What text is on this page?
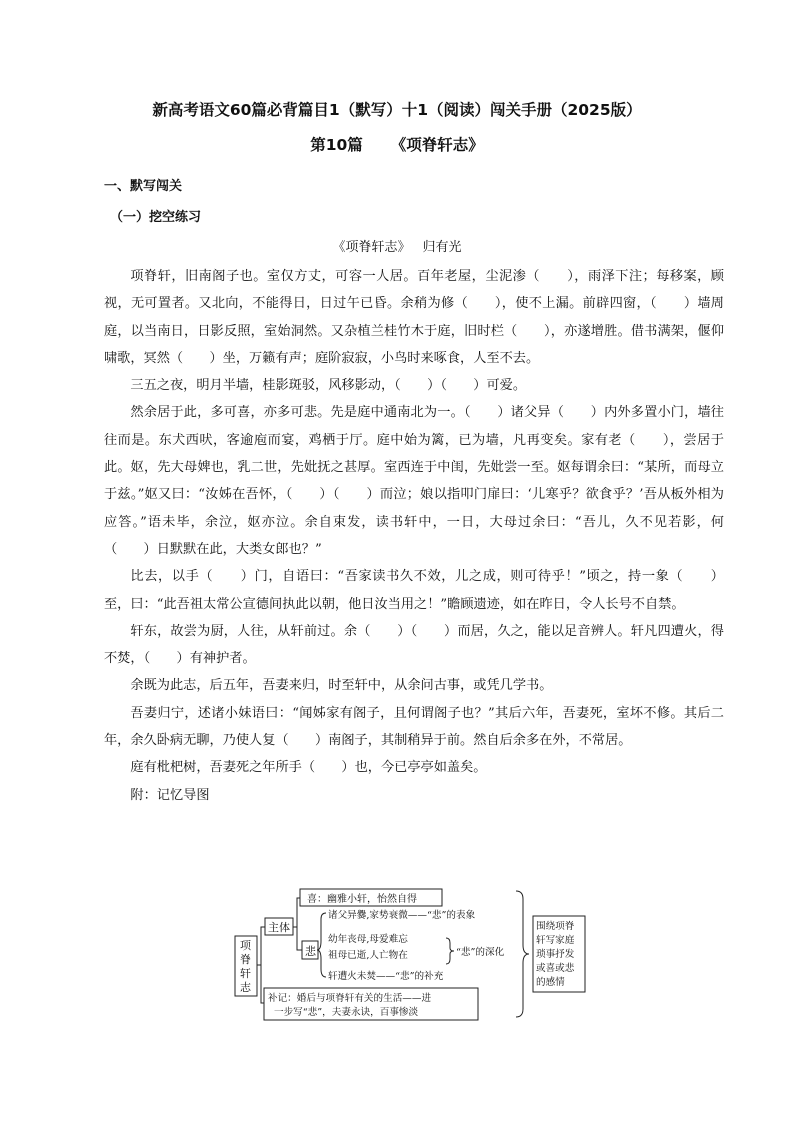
新高考语文60篇必背篇目1（默写）十1（阅读）闯关手册（2025版）
第10篇 《项脊轩志》
一、默写闯关
（一）挖空练习
《项脊轩志》 归有光

项脊轩，旧南阁子也。室仅方丈，可容一人居。百年老屋，尘泥渗（　　），雨泽下注；每移案，顾视，无可置者。又北向，不能得日，日过午已昏。余稍为修（　　），使不上漏。前辟四窗，（　　）墙周庭，以当南日，日影反照，室始洞然。又杂植兰桂竹木于庭，旧时栏（　　），亦遂增胜。借书满架，偃仰啸歌，冥然（　　）坐，万籁有声；庭阶寂寂，小鸟时来啄食，人至不去。

三五之夜，明月半墙，桂影斑驳，风移影动，（　　）（　　）可爱。

然余居于此，多可喜，亦多可悲。先是庭中通南北为一。（　　）诸父异（　　）内外多置小门，墙往往而是。东犬西吠，客逾庖而宴，鸡栖于厅。庭中始为篱，已为墙，凡再变矣。家有老（　　），尝居于此。妪，先大母婢也，乳二世，先妣抚之甚厚。室西连于中闺，先妣尝一至。妪每谓余曰：“某所，而母立于兹。”妪又曰：“汝姊在吾怀，（　　）（　　）而泣；娘以指叩门扉曰：‘儿寒乎？欲食乎？’吾从板外相为应答。”语未毕，余泣，妪亦泣。余自束发，读书轩中，一日，大母过余曰：“吾儿，久不见若影，何（　　）日默默在此，大类女郎也？”

比去，以手（　　）门，自语曰：“吾家读书久不效，儿之成，则可待乎！”顷之，持一象（　　）至，曰：“此吾祖太常公宣德间执此以朝，他日汝当用之！”瞻顾遗迹，如在昨日，令人长号不自禁。

轩东，故尝为厨，人往，从轩前过。余（　　）（　　）而居，久之，能以足音辨人。轩凡四遭火，得不焚，（　　）有神护者。

余既为此志，后五年，吾妻来归，时至轩中，从余问古事，或凭几学书。

吾妻归宁，述诸小妹语曰：“闻姊家有阁子，且何谓阁子也？”其后六年，吾妻死，室坏不修。其后二年，余久卧病无聊，乃使人复（　　）南阁子，其制稍异于前。然自后余多在外，不常居。

庭有枇杷树，吾妻死之年所手（　　）也，今已亭亭如盖矣。

附：记忆导图

项
脊
轩
志
主体
悲
喜：幽雅小轩，怡然自得
诸父异爨,家势衰微——“悲”的表象
幼年丧母,母爱难忘
祖母已逝,人亡物在	“悲”的深化
轩遭火未焚——“悲”的补充
补记：婚后与项脊轩有关的生活——进
一步写“悲”，夫妻永诀，百事惨淡
围绕项脊
轩写家庭
琐事抒发
或喜或悲
的感情
